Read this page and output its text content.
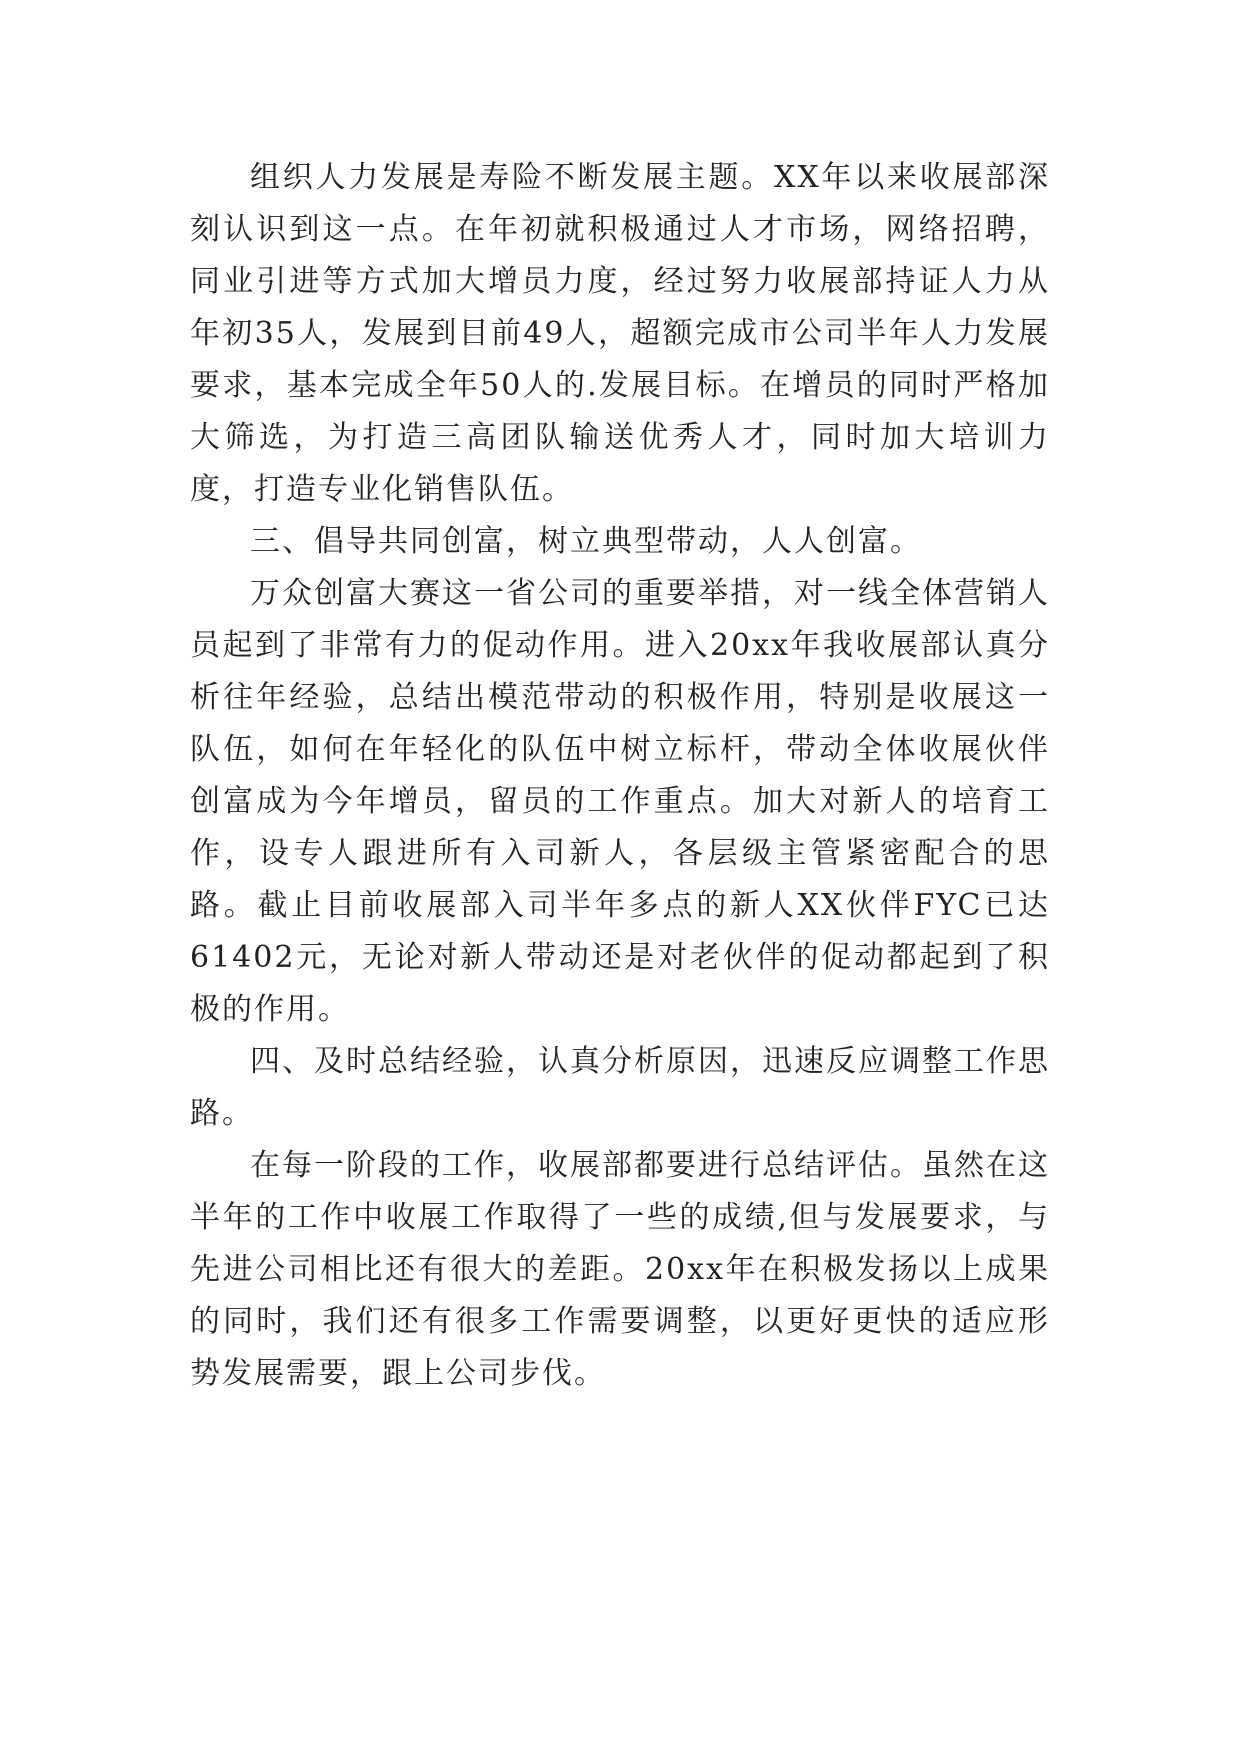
组织人力发展是寿险不断发展主题。XX年以来收展部深刻认识到这一点。在年初就积极通过人才市场，网络招聘，同业引进等方式加大增员力度，经过努力收展部持证人力从年初35人，发展到目前49人，超额完成市公司半年人力发展要求，基本完成全年50人的.发展目标。在增员的同时严格加大筛选，为打造三高团队输送优秀人才，同时加大培训力度，打造专业化销售队伍。

三、倡导共同创富，树立典型带动，人人创富。

万众创富大赛这一省公司的重要举措，对一线全体营销人员起到了非常有力的促动作用。进入20xx年我收展部认真分析往年经验，总结出模范带动的积极作用，特别是收展这一队伍，如何在年轻化的队伍中树立标杆，带动全体收展伙伴创富成为今年增员，留员的工作重点。加大对新人的培育工作，设专人跟进所有入司新人，各层级主管紧密配合的思路。截止目前收展部入司半年多点的新人XX伙伴FYC已达61402元，无论对新人带动还是对老伙伴的促动都起到了积极的作用。

四、及时总结经验，认真分析原因，迅速反应调整工作思路。

在每一阶段的工作，收展部都要进行总结评估。虽然在这半年的工作中收展工作取得了一些的成绩,但与发展要求，与先进公司相比还有很大的差距。20xx年在积极发扬以上成果的同时，我们还有很多工作需要调整，以更好更快的适应形势发展需要，跟上公司步伐。
